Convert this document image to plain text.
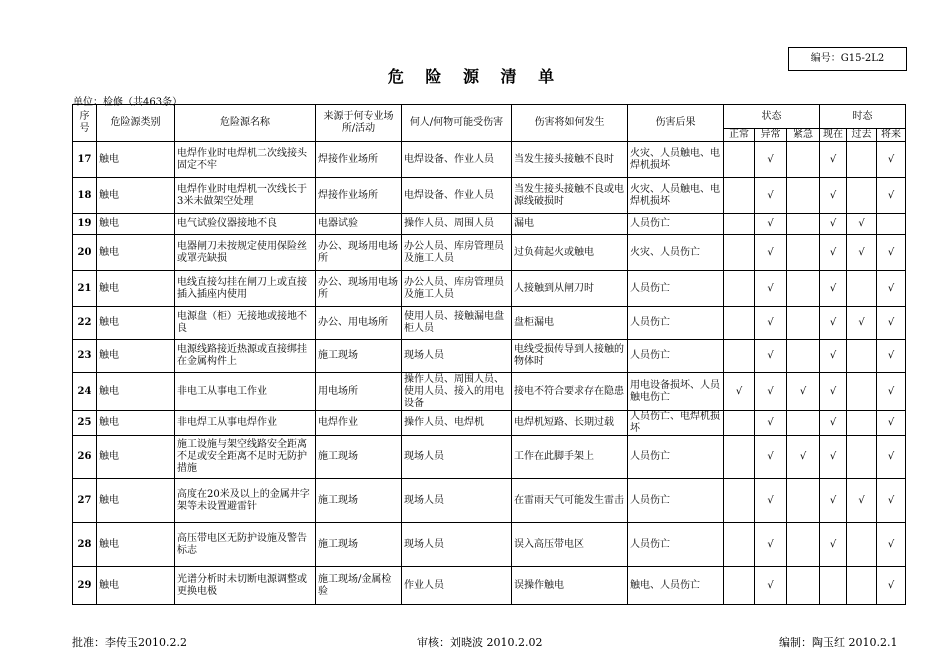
编号：G15-2L2
危 险 源 清 单
单位：检修（共463条）
序号	危险源类别	危险源名称	来源于何专业场所/活动	何人/何物可能受伤害	伤害将如何发生	伤害后果	状态			时态		
							正常	异常	紧急	现在	过去	将来
17	触电	电焊作业时电焊机二次线接头固定不牢	焊接作业场所	电焊设备、作业人员	当发生接头接触不良时	火灾、人员触电、电焊机损坏		√		√		√
18	触电	电焊作业时电焊机一次线长于3米未做架空处理	焊接作业场所	电焊设备、作业人员	当发生接头接触不良或电源线破损时	火灾、人员触电、电焊机损坏		√		√		√
19	触电	电气试验仪器接地不良	电器试验	操作人员、周围人员	漏电	人员伤亡		√		√	√	
20	触电	电器闸刀未按规定使用保险丝或罩壳缺损	办公、现场用电场所	办公人员、库房管理员及施工人员	过负荷起火或触电	火灾、人员伤亡		√		√	√	√
21	触电	电线直接勾挂在闸刀上或直接插入插座内使用	办公、现场用电场所	办公人员、库房管理员及施工人员	人接触到从闸刀时	人员伤亡		√		√		√
22	触电	电源盘（柜）无接地或接地不良	办公、用电场所	使用人员、接触漏电盘柜人员	盘柜漏电	人员伤亡		√		√	√	√
23	触电	电源线路接近热源或直接绑挂在金属构件上	施工现场	现场人员	电线受损传导到人接触的物体时	人员伤亡		√		√		√
24	触电	非电工从事电工作业	用电场所	操作人员、周围人员、使用人员、接入的用电设备	接电不符合要求存在隐患	用电设备损坏、人员触电伤亡	√	√	√	√		√
25	触电	非电焊工从事电焊作业	电焊作业	操作人员、电焊机	电焊机短路、长期过载	人员伤亡、电焊机损坏		√		√		√
26	触电	施工设施与架空线路安全距离不足或安全距离不足时无防护措施	施工现场	现场人员	工作在此脚手架上	人员伤亡		√	√	√		√
27	触电	高度在20米及以上的金属井字架等未设置避雷针	施工现场	现场人员	在雷雨天气可能发生雷击	人员伤亡		√		√	√	√
28	触电	高压带电区无防护设施及警告标志	施工现场	现场人员	误入高压带电区	人员伤亡		√		√		√
29	触电	光谱分析时未切断电源调整或更换电极	施工现场/金属检验	作业人员	误操作触电	触电、人员伤亡		√				√
批准：李传玉2010.2.2	审核：刘晓波 2010.2.02	编制：陶玉红 2010.2.1
